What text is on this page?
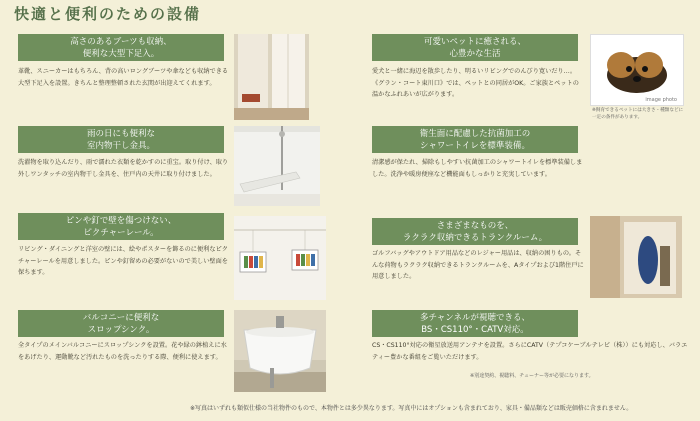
快適と便利のための設備
高さのあるブーツも収納、
便利な大型下足入。
革靴、スニーカーはもちろん、背の高いロングブーツや傘なども収納できる大型下足入を設置。きちんと整理整頓された玄関が出迎えてくれます。
雨の日にも便利な
室内物干し金具。
洗濯物を取り込んだり、雨で濡れた衣類を乾かすのに重宝。取り付け、取り外しワンタッチの室内物干し金具を、住戸内の天井に取り付けました。
ピンや釘で壁を傷つけない、
ピクチャーレール。
リビング・ダイニングと洋室の壁には、絵やポスターを飾るのに便利なピクチャーレールを用意しました。ピンや釘留めの必要がないので美しい壁面を保ちます。
バルコニーに便利な
スロップシンク。
全タイプのメインバルコニーにスロップシンクを設置。花や緑の鉢植えに水をあげたり、運動靴など汚れたものを洗ったりする際、便利に使えます。
可愛いペットに癒される、
心豊かな生活
愛犬と一緒に海辺を散歩したり、明るいリビングでのんびり寛いだり…。《グラン・コート東川口》では、ペットとの同居がOK。ご家族とペットの温かなふれあいが広がります。
image photo
※飼育できるペットには大きさ・種類などに一定の条件があります。
衛生面に配慮した抗菌加工の
シャワートイレを標準装備。
清潔感が保たれ、掃除もしやすい抗菌加工のシャワートイレを標準装備しました。洗浄や暖房便座など機能面もしっかりと充実しています。
さまざまなものを、
ラクラク収納できるトランクルーム。
ゴルフバッグやアウトドア用品などのレジャー用品は、収納の困りもの。そんな荷物もラクラク収納できるトランクルームを、Aタイプおよび1階住戸に用意しました。
多チャンネルが視聴できる、
BS・CS110°・CATV対応。
CS・CS110°対応の衛星放送用アンテナを設置。さらにCATV（テプコケーブルテレビ（株））にも対応し、バラエティー豊かな番組をご覧いただけます。
※別途契約、視聴料、チューナー等が必要になります。
※写真はいずれも類似仕様の当社物件のもので、本物件とは多少異なります。写真中にはオプションも含まれており、家具・備品類などは販売価格に含まれません。
